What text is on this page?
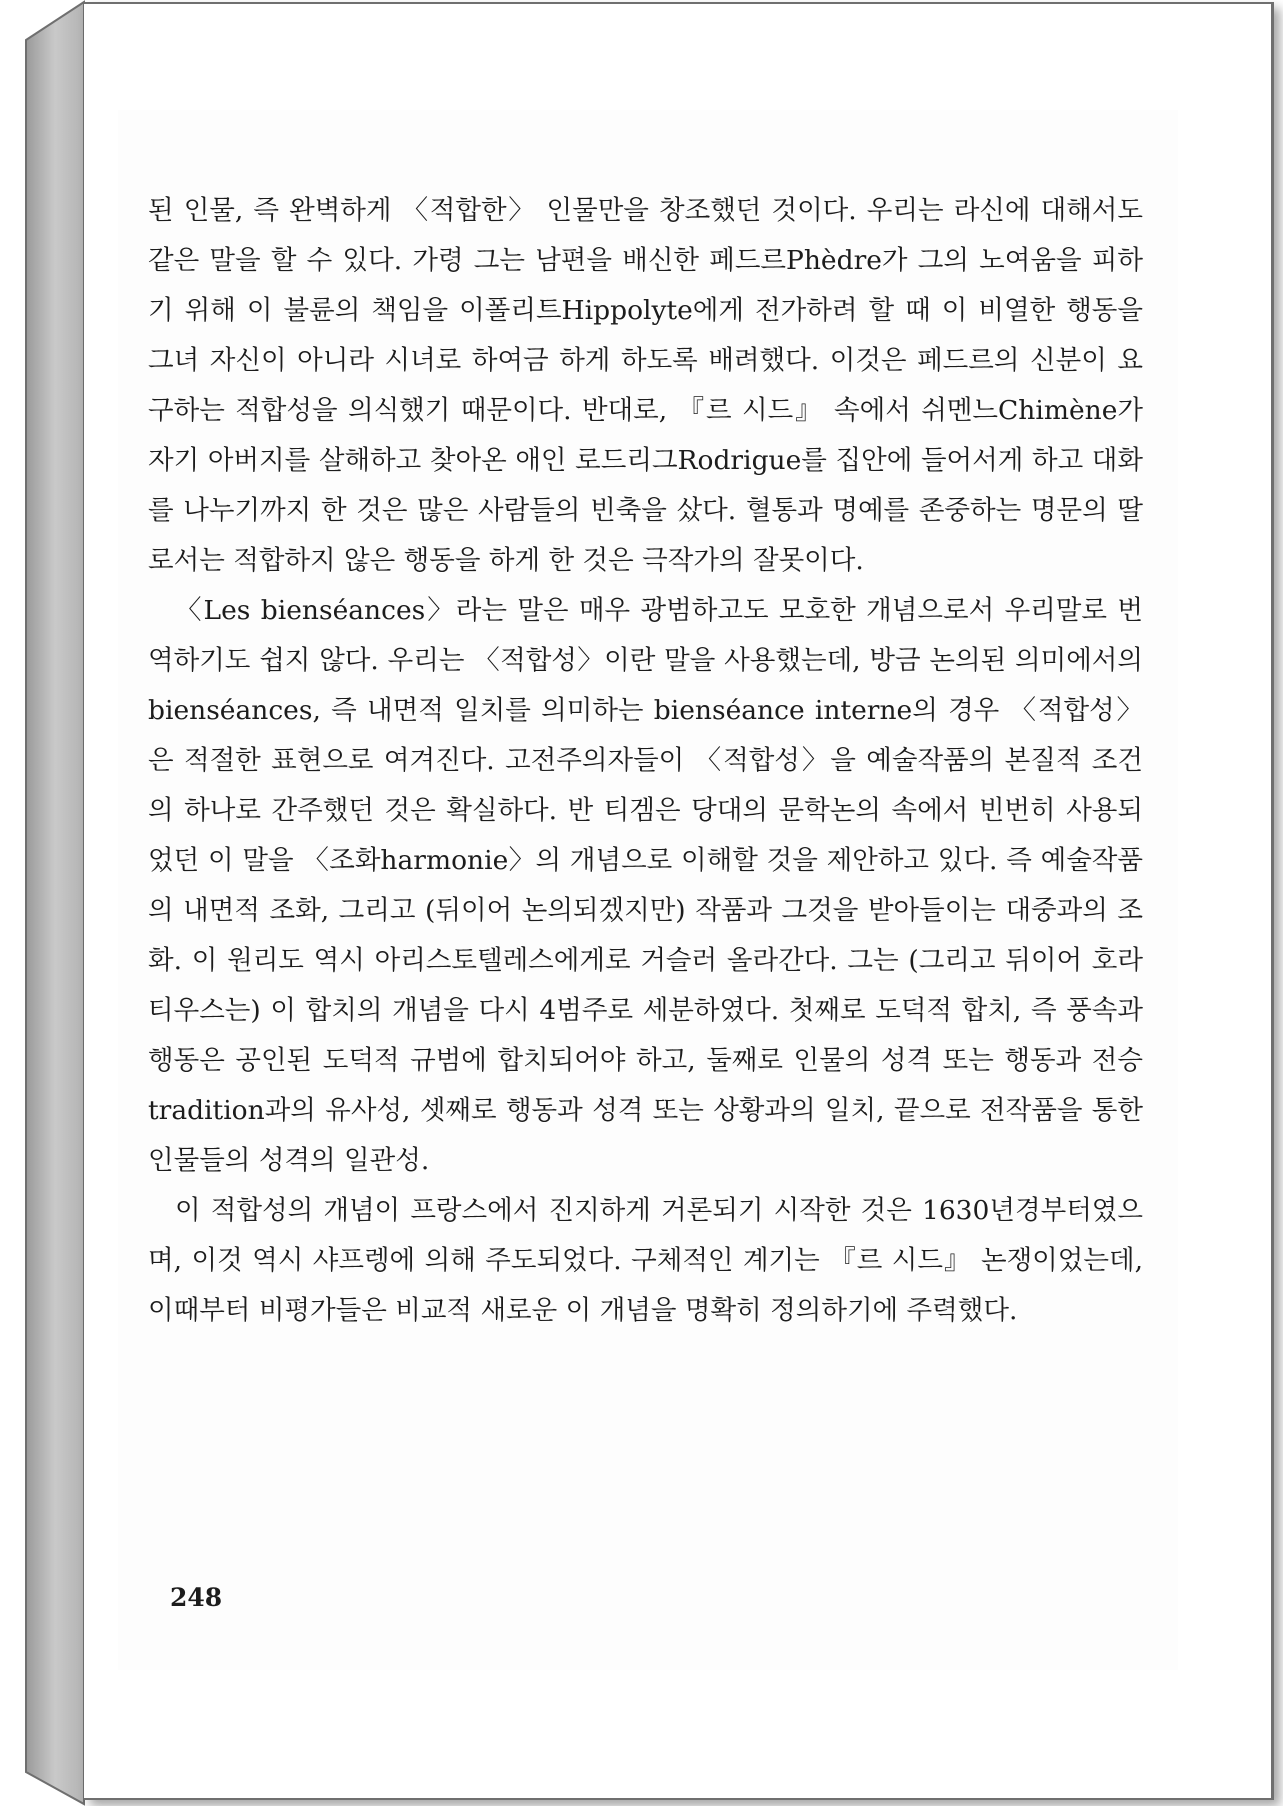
된 인물, 즉 완벽하게 〈적합한〉 인물만을 창조했던 것이다. 우리는 라신에 대해서도 같은 말을 할 수 있다. 가령 그는 남편을 배신한 페드르Phèdre가 그의 노여움을 피하기 위해 이 불륜의 책임을 이폴리트Hippolyte에게 전가하려 할 때 이 비열한 행동을 그녀 자신이 아니라 시녀로 하여금 하게 하도록 배려했다. 이것은 페드르의 신분이 요구하는 적합성을 의식했기 때문이다. 반대로, 『르 시드』 속에서 쉬멘느Chimène가 자기 아버지를 살해하고 찾아온 애인 로드리그Rodrigue를 집안에 들어서게 하고 대화를 나누기까지 한 것은 많은 사람들의 빈축을 샀다. 혈통과 명예를 존중하는 명문의 딸로서는 적합하지 않은 행동을 하게 한 것은 극작가의 잘못이다.

〈Les bienséances〉라는 말은 매우 광범하고도 모호한 개념으로서 우리말로 번역하기도 쉽지 않다. 우리는 〈적합성〉이란 말을 사용했는데, 방금 논의된 의미에서의 bienséances, 즉 내면적 일치를 의미하는 bienséance interne의 경우 〈적합성〉은 적절한 표현으로 여겨진다. 고전주의자들이 〈적합성〉을 예술작품의 본질적 조건의 하나로 간주했던 것은 확실하다. 반 티겜은 당대의 문학논의 속에서 빈번히 사용되었던 이 말을 〈조화harmonie〉의 개념으로 이해할 것을 제안하고 있다. 즉 예술작품의 내면적 조화, 그리고 (뒤이어 논의되겠지만) 작품과 그것을 받아들이는 대중과의 조화. 이 원리도 역시 아리스토텔레스에게로 거슬러 올라간다. 그는 (그리고 뒤이어 호라티우스는) 이 합치의 개념을 다시 4범주로 세분하였다. 첫째로 도덕적 합치, 즉 풍속과 행동은 공인된 도덕적 규범에 합치되어야 하고, 둘째로 인물의 성격 또는 행동과 전승tradition과의 유사성, 셋째로 행동과 성격 또는 상황과의 일치, 끝으로 전작품을 통한 인물들의 성격의 일관성.

이 적합성의 개념이 프랑스에서 진지하게 거론되기 시작한 것은 1630년경부터였으며, 이것 역시 샤프렝에 의해 주도되었다. 구체적인 계기는 『르 시드』 논쟁이었는데, 이때부터 비평가들은 비교적 새로운 이 개념을 명확히 정의하기에 주력했다.

248
